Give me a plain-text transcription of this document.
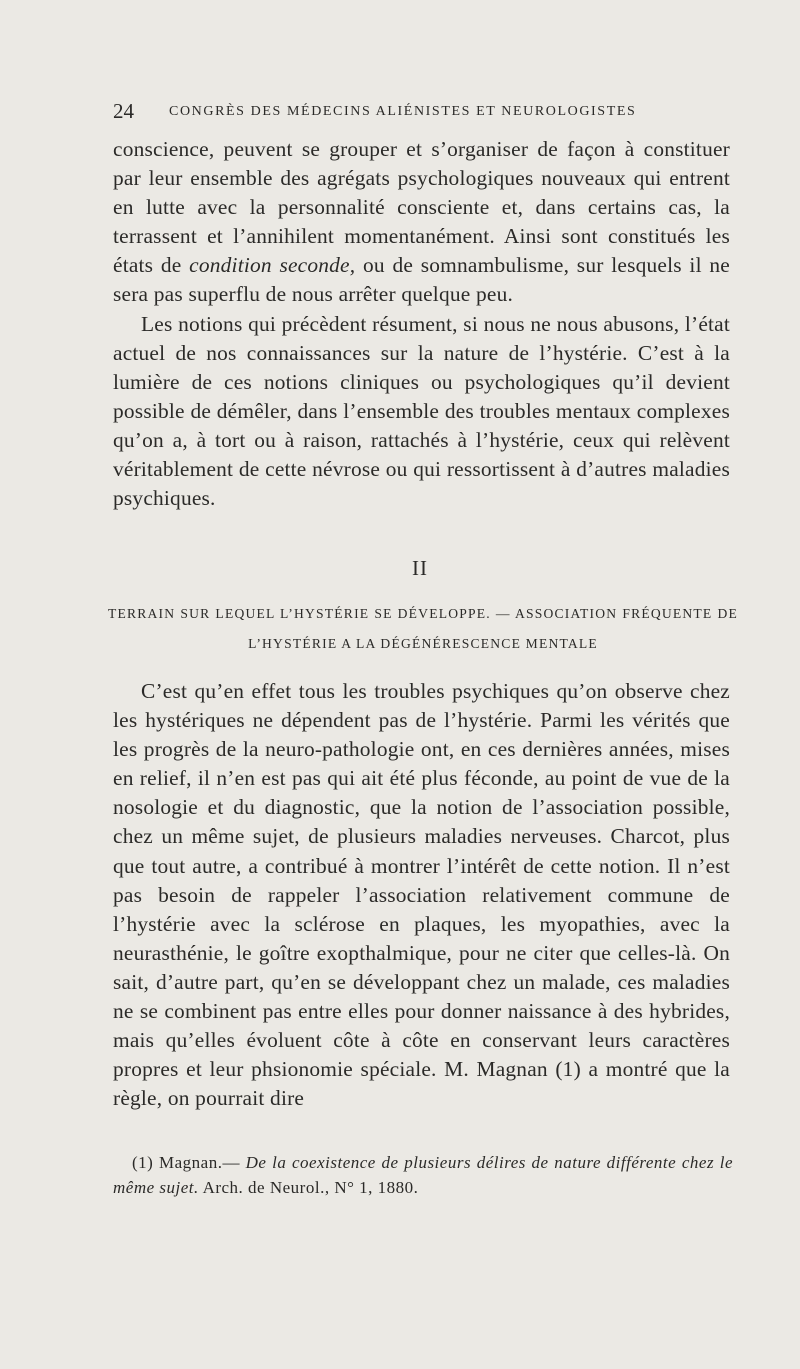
24	CONGRÈS DES MÉDECINS ALIÉNISTES ET NEUROLOGISTES

conscience, peuvent se grouper et s’organiser de façon à constituer par leur ensemble des agrégats psychologiques nouveaux qui entrent en lutte avec la personnalité consciente et, dans certains cas, la terrassent et l’annihilent momentanément. Ainsi sont constitués les états de condition seconde, ou de somnambulisme, sur lesquels il ne sera pas superflu de nous arrêter quelque peu.

Les notions qui précèdent résument, si nous ne nous abusons, l’état actuel de nos connaissances sur la nature de l’hystérie. C’est à la lumière de ces notions cliniques ou psychologiques qu’il devient possible de démêler, dans l’ensemble des troubles mentaux complexes qu’on a, à tort ou à raison, rattachés à l’hystérie, ceux qui relèvent véritablement de cette névrose ou qui ressortissent à d’autres maladies psychiques.

II
TERRAIN SUR LEQUEL L’HYSTÉRIE SE DÉVELOPPE. — ASSOCIATION FRÉQUENTE DE L’HYSTÉRIE A LA DÉGÉNÉRESCENCE MENTALE

C’est qu’en effet tous les troubles psychiques qu’on observe chez les hystériques ne dépendent pas de l’hystérie. Parmi les vérités que les progrès de la neuro-pathologie ont, en ces dernières années, mises en relief, il n’en est pas qui ait été plus féconde, au point de vue de la nosologie et du diagnostic, que la notion de l’association possible, chez un même sujet, de plusieurs maladies nerveuses. Charcot, plus que tout autre, a contribué à montrer l’intérêt de cette notion. Il n’est pas besoin de rappeler l’association relativement commune de l’hystérie avec la sclérose en plaques, les myopathies, avec la neurasthénie, le goître exopthalmique, pour ne citer que celles-là. On sait, d’autre part, qu’en se développant chez un malade, ces maladies ne se combinent pas entre elles pour donner naissance à des hybrides, mais qu’elles évoluent côte à côte en conservant leurs caractères propres et leur phsionomie spéciale. M. Magnan (1) a montré que la règle, on pourrait dire

(1) Magnan.— De la coexistence de plusieurs délires de nature différente chez le même sujet. Arch. de Neurol., N° 1, 1880.
